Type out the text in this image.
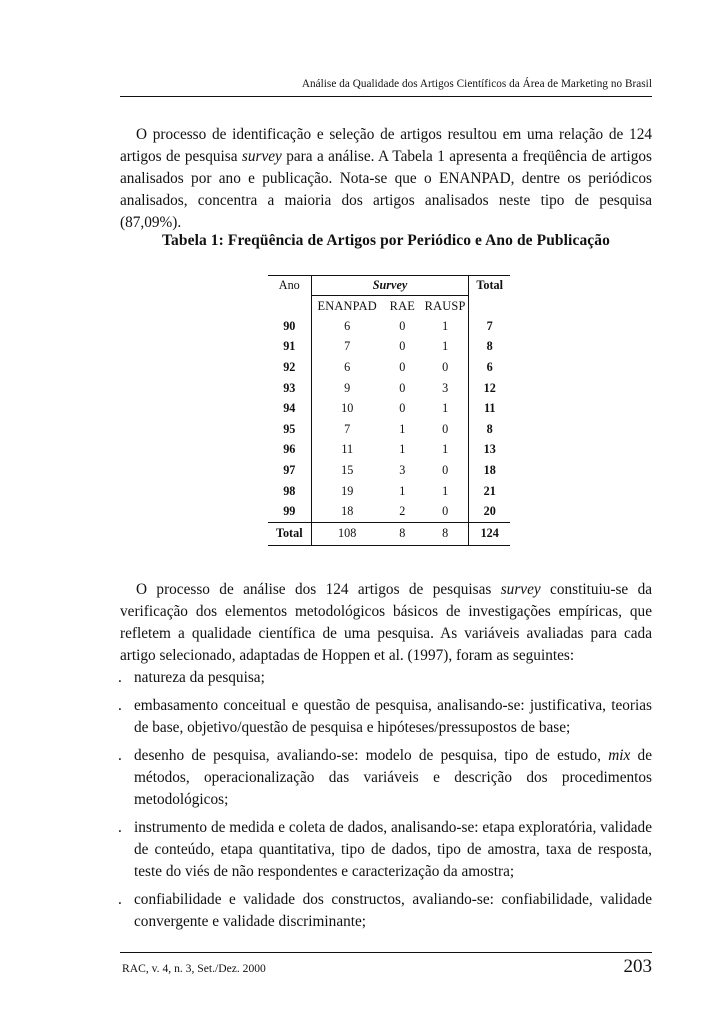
Análise da Qualidade dos Artigos Científicos da Área de Marketing no Brasil

O processo de identificação e seleção de artigos resultou em uma relação de 124 artigos de pesquisa survey para a análise. A Tabela 1 apresenta a freqüência de artigos analisados por ano e publicação. Nota-se que o ENANPAD, dentre os periódicos analisados, concentra a maioria dos artigos analisados neste tipo de pesquisa (87,09%).

Tabela 1: Freqüência de Artigos por Periódico e Ano de Publicação
Ano	Survey			Total
	ENANPAD	RAE	RAUSP	
90	6	0	1	7
91	7	0	1	8
92	6	0	0	6
93	9	0	3	12
94	10	0	1	11
95	7	1	0	8
96	11	1	1	13
97	15	3	0	18
98	19	1	1	21
99	18	2	0	20
Total	108	8	8	124

O processo de análise dos 124 artigos de pesquisas survey constituiu-se da verificação dos elementos metodológicos básicos de investigações empíricas, que refletem a qualidade científica de uma pesquisa. As variáveis avaliadas para cada artigo selecionado, adaptadas de Hoppen et al. (1997), foram as seguintes:

. natureza da pesquisa;
. embasamento conceitual e questão de pesquisa, analisando-se: justificativa, teorias de base, objetivo/questão de pesquisa e hipóteses/pressupostos de base;
. desenho de pesquisa, avaliando-se: modelo de pesquisa, tipo de estudo, mix de métodos, operacionalização das variáveis e descrição dos procedimentos metodológicos;
. instrumento de medida e coleta de dados, analisando-se: etapa exploratória, validade de conteúdo, etapa quantitativa, tipo de dados, tipo de amostra, taxa de resposta, teste do viés de não respondentes e caracterização da amostra;
. confiabilidade e validade dos constructos, avaliando-se: confiabilidade, validade convergente e validade discriminante;
RAC, v. 4, n. 3, Set./Dez. 2000	203
